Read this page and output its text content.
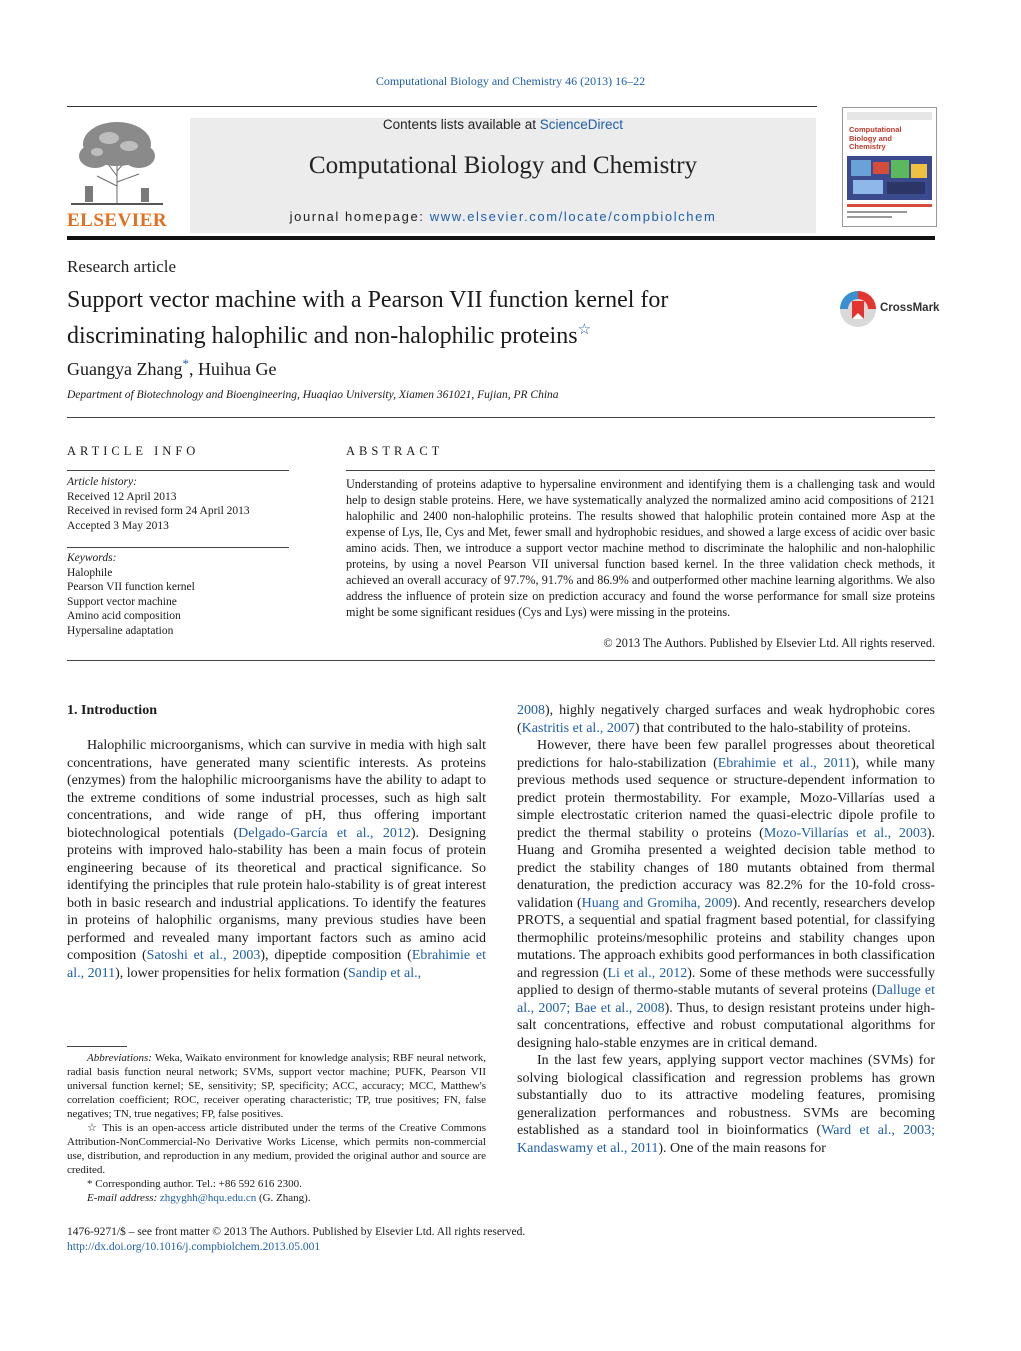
Computational Biology and Chemistry 46 (2013) 16–22
ELSEVIER
Contents lists available at ScienceDirect
Computational Biology and Chemistry
journal homepage: www.elsevier.com/locate/compbiolchem
Computational
Biology and
Chemistry
Research article
Support vector machine with a Pearson VII function kernel for
discriminating halophilic and non-halophilic proteins☆
CrossMark
Guangya Zhang*, Huihua Ge
Department of Biotechnology and Bioengineering, Huaqiao University, Xiamen 361021, Fujian, PR China
ARTICLE INFO
Article history:
Received 12 April 2013
Received in revised form 24 April 2013
Accepted 3 May 2013
Keywords:
Halophile
Pearson VII function kernel
Support vector machine
Amino acid composition
Hypersaline adaptation
ABSTRACT
Understanding of proteins adaptive to hypersaline environment and identifying them is a challenging task and would help to design stable proteins. Here, we have systematically analyzed the normalized amino acid compositions of 2121 halophilic and 2400 non-halophilic proteins. The results showed that halophilic protein contained more Asp at the expense of Lys, Ile, Cys and Met, fewer small and hydrophobic residues, and showed a large excess of acidic over basic amino acids. Then, we introduce a support vector machine method to discriminate the halophilic and non-halophilic proteins, by using a novel Pearson VII universal function based kernel. In the three validation check methods, it achieved an overall accuracy of 97.7%, 91.7% and 86.9% and outperformed other machine learning algorithms. We also address the influence of protein size on prediction accuracy and found the worse performance for small size proteins might be some significant residues (Cys and Lys) were missing in the proteins.
© 2013 The Authors. Published by Elsevier Ltd. All rights reserved.
1. Introduction

Halophilic microorganisms, which can survive in media with high salt concentrations, have generated many scientific interests. As proteins (enzymes) from the halophilic microorganisms have the ability to adapt to the extreme conditions of some industrial processes, such as high salt concentrations, and wide range of pH, thus offering important biotechnological potentials (Delgado-García et al., 2012). Designing proteins with improved halo-stability has been a main focus of protein engineering because of its theoretical and practical significance. So identifying the principles that rule protein halo-stability is of great interest both in basic research and industrial applications. To identify the features in proteins of halophilic organisms, many previous studies have been performed and revealed many important factors such as amino acid composition (Satoshi et al., 2003), dipeptide composition (Ebrahimie et al., 2011), lower propensities for helix formation (Sandip et al.,

2008), highly negatively charged surfaces and weak hydrophobic cores (Kastritis et al., 2007) that contributed to the halo-stability of proteins.

However, there have been few parallel progresses about theoretical predictions for halo-stabilization (Ebrahimie et al., 2011), while many previous methods used sequence or structure-dependent information to predict protein thermostability. For example, Mozo-Villarías used a simple electrostatic criterion named the quasi-electric dipole profile to predict the thermal stability o proteins (Mozo-Villarías et al., 2003). Huang and Gromiha presented a weighted decision table method to predict the stability changes of 180 mutants obtained from thermal denaturation, the prediction accuracy was 82.2% for the 10-fold cross-validation (Huang and Gromiha, 2009). And recently, researchers develop PROTS, a sequential and spatial fragment based potential, for classifying thermophilic proteins/mesophilic proteins and stability changes upon mutations. The approach exhibits good performances in both classification and regression (Li et al., 2012). Some of these methods were successfully applied to design of thermo-stable mutants of several proteins (Dalluge et al., 2007; Bae et al., 2008). Thus, to design resistant proteins under high-salt concentrations, effective and robust computational algorithms for designing halo-stable enzymes are in critical demand.

In the last few years, applying support vector machines (SVMs) for solving biological classification and regression problems has grown substantially duo to its attractive modeling features, promising generalization performances and robustness. SVMs are becoming established as a standard tool in bioinformatics (Ward et al., 2003; Kandaswamy et al., 2011). One of the main reasons for

Abbreviations: Weka, Waikato environment for knowledge analysis; RBF neural network, radial basis function neural network; SVMs, support vector machine; PUFK, Pearson VII universal function kernel; SE, sensitivity; SP, specificity; ACC, accuracy; MCC, Matthew's correlation coefficient; ROC, receiver operating characteristic; TP, true positives; FN, false negatives; TN, true negatives; FP, false positives.

☆ This is an open-access article distributed under the terms of the Creative Commons Attribution-NonCommercial-No Derivative Works License, which permits non-commercial use, distribution, and reproduction in any medium, provided the original author and source are credited.

* Corresponding author. Tel.: +86 592 616 2300.

E-mail address: zhgyghh@hqu.edu.cn (G. Zhang).

1476-9271/$ – see front matter © 2013 The Authors. Published by Elsevier Ltd. All rights reserved.
http://dx.doi.org/10.1016/j.compbiolchem.2013.05.001
